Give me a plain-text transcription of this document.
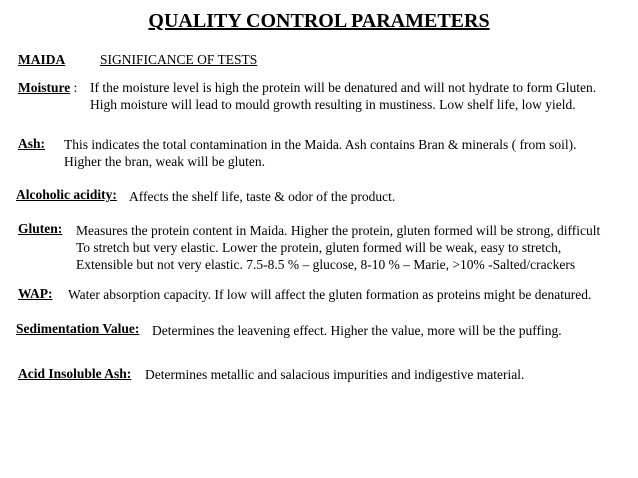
QUALITY CONTROL PARAMETERS
MAIDA	SIGNIFICANCE OF TESTS
Moisture : If the moisture level is high the protein will be denatured and will not hydrate to form Gluten.
High moisture will lead to mould growth resulting in mustiness. Low shelf life, low yield.
Ash: This indicates the total contamination in the Maida. Ash contains Bran & minerals ( from soil).
Higher the bran, weak will be gluten.
Alcoholic acidity: Affects the shelf life, taste & odor of the product.
Gluten: Measures the protein content in Maida. Higher the protein, gluten formed will be strong, difficult
To stretch but very elastic. Lower the protein, gluten formed will be weak, easy to stretch,
Extensible but not very elastic. 7.5-8.5 % – glucose, 8-10 % – Marie, >10% -Salted/crackers
WAP: Water absorption capacity. If low will affect the gluten formation as proteins might be denatured.
Sedimentation Value: Determines the leavening effect. Higher the value, more will be the puffing.
Acid Insoluble Ash: Determines metallic and salacious impurities and indigestive material.
